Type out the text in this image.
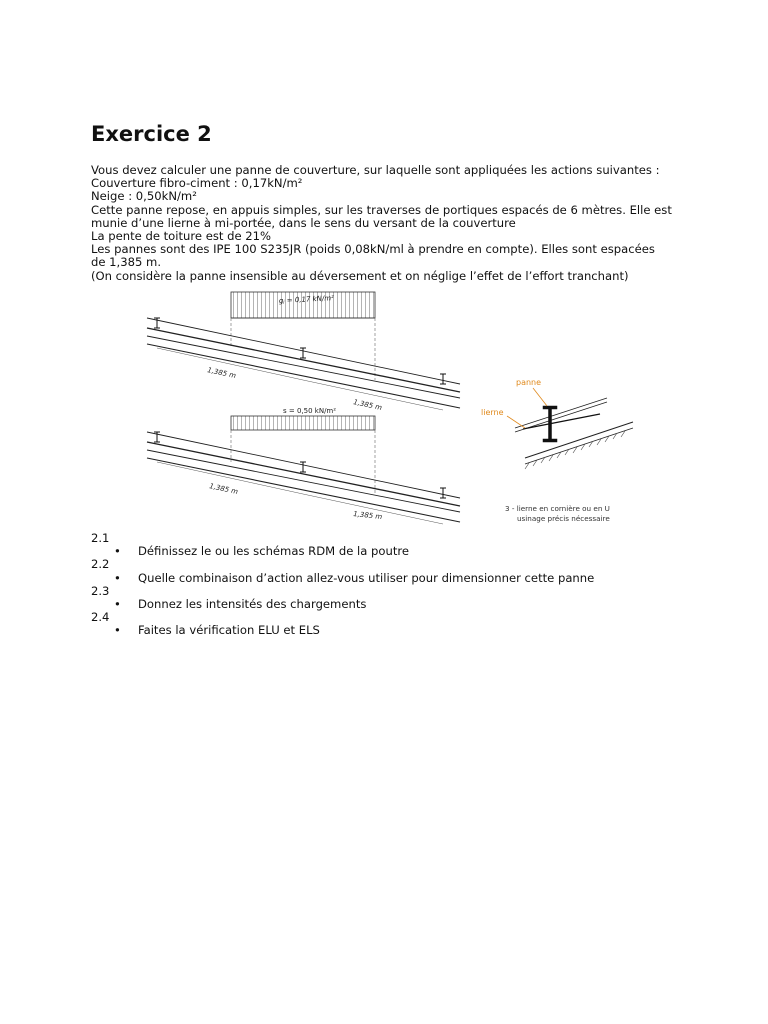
Exercice 2
Vous devez calculer une panne de couverture, sur laquelle sont appliquées les actions suivantes :
Couverture fibro-ciment : 0,17kN/m²
Neige : 0,50kN/m²
Cette panne repose, en appuis simples, sur les traverses de portiques espacés de 6 mètres. Elle est
munie d’une lierne à mi-portée, dans le sens du versant de la couverture
La pente de toiture est de 21%
Les pannes sont des IPE 100 S235JR (poids 0,08kN/ml à prendre en compte). Elles sont espacées
de 1,385 m.
(On considère la panne insensible au déversement et on néglige l’effet de l’effort tranchant)
gⱼ = 0,17 kN/m²
1,385 m
1,385 m
s = 0,50 kN/m²
1,385 m
1,385 m
panne
lierne
3 - lierne en cornière ou en U
usinage précis nécessaire
2.1
• Définissez le ou les schémas RDM de la poutre
2.2
• Quelle combinaison d’action allez-vous utiliser pour dimensionner cette panne
2.3
• Donnez les intensités des chargements
2.4
• Faites la vérification ELU et ELS
